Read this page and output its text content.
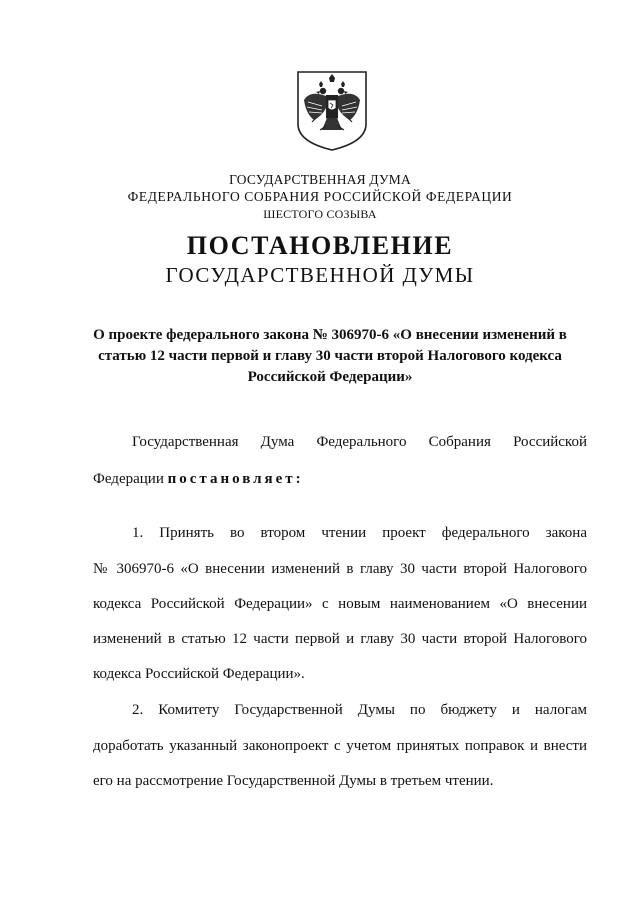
ГОСУДАРСТВЕННАЯ ДУМА
ФЕДЕРАЛЬНОГО СОБРАНИЯ РОССИЙСКОЙ ФЕДЕРАЦИИ
ШЕСТОГО СОЗЫВА
ПОСТАНОВЛЕНИЕ
ГОСУДАРСТВЕННОЙ ДУМЫ
О проекте федерального закона № 306970-6 «О внесении изменений в
статью 12 части первой и главу 30 части второй Налогового кодекса
Российской Федерации»
Государственная Дума Федерального Собрания Российской
Федерации постановляет:
1. Принять во втором чтении проект федерального закона
№ 306970-6 «О внесении изменений в главу 30 части второй Налогового
кодекса Российской Федерации» с новым наименованием «О внесении
изменений в статью 12 части первой и главу 30 части второй Налогового
кодекса Российской Федерации».
2. Комитету Государственной Думы по бюджету и налогам
доработать указанный законопроект с учетом принятых поправок и внести
его на рассмотрение Государственной Думы в третьем чтении.
